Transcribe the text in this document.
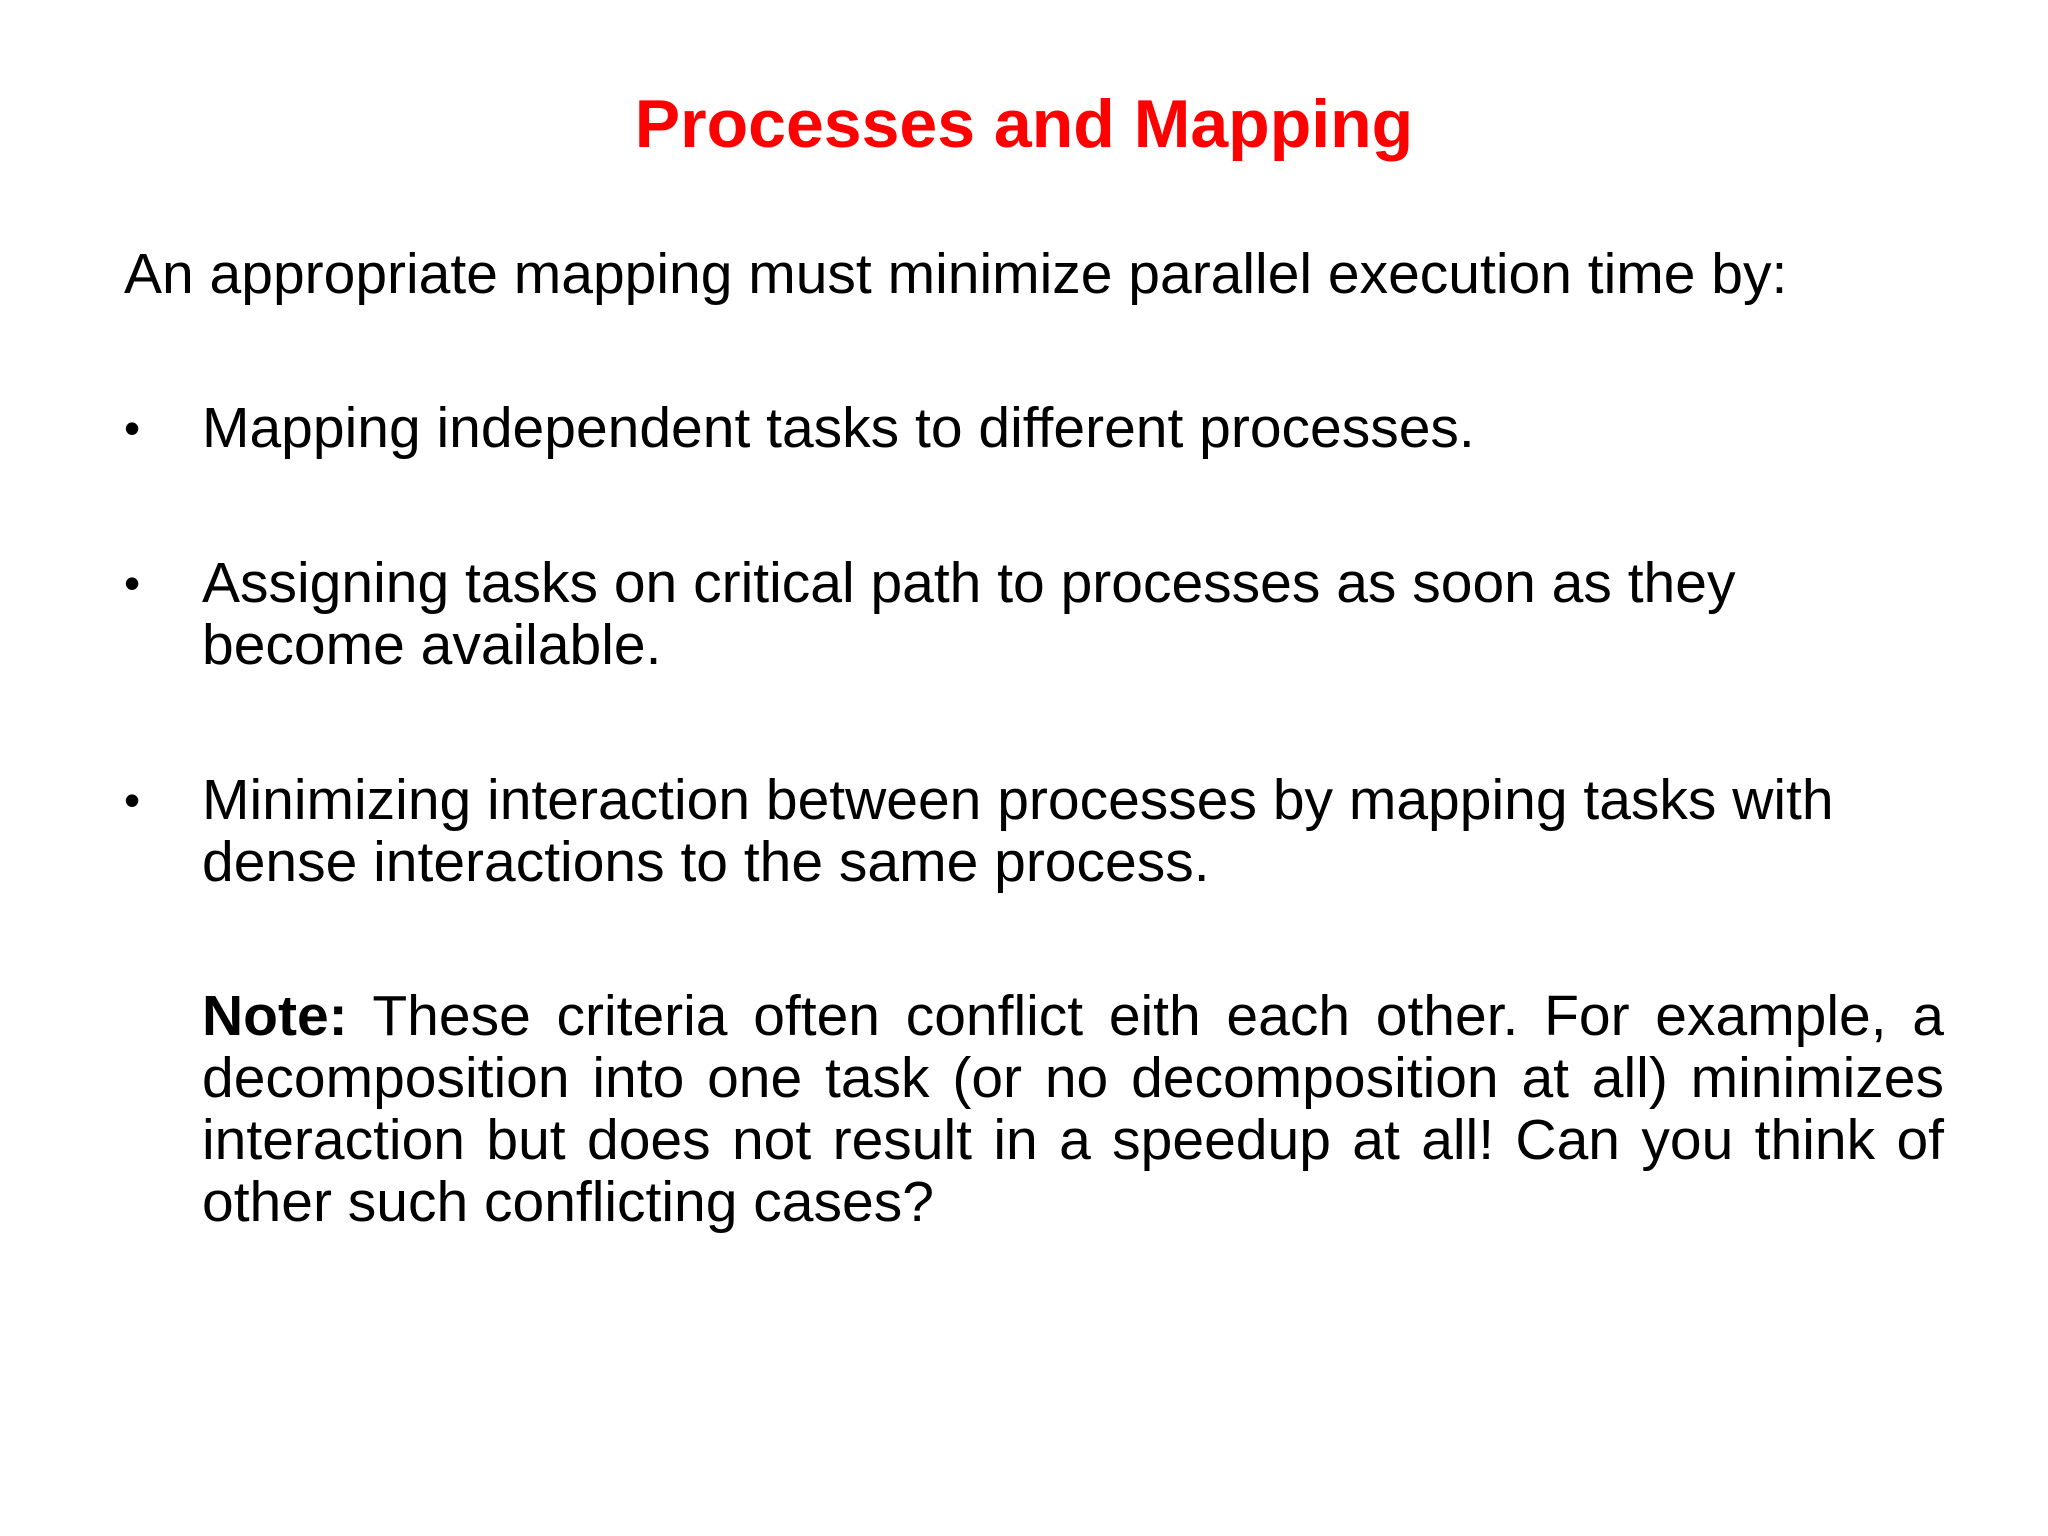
Processes and Mapping
An appropriate mapping must minimize parallel execution time by:
•	Mapping independent tasks to different processes.
•	Assigning tasks on critical path to processes as soon as they become available.
•	Minimizing interaction between processes by mapping tasks with dense interactions to the same process.
Note: These criteria often conflict eith each other. For example, a decomposition into one task (or no decomposition at all) minimizes interaction but does not result in a speedup at all! Can you think of other such conflicting cases?
